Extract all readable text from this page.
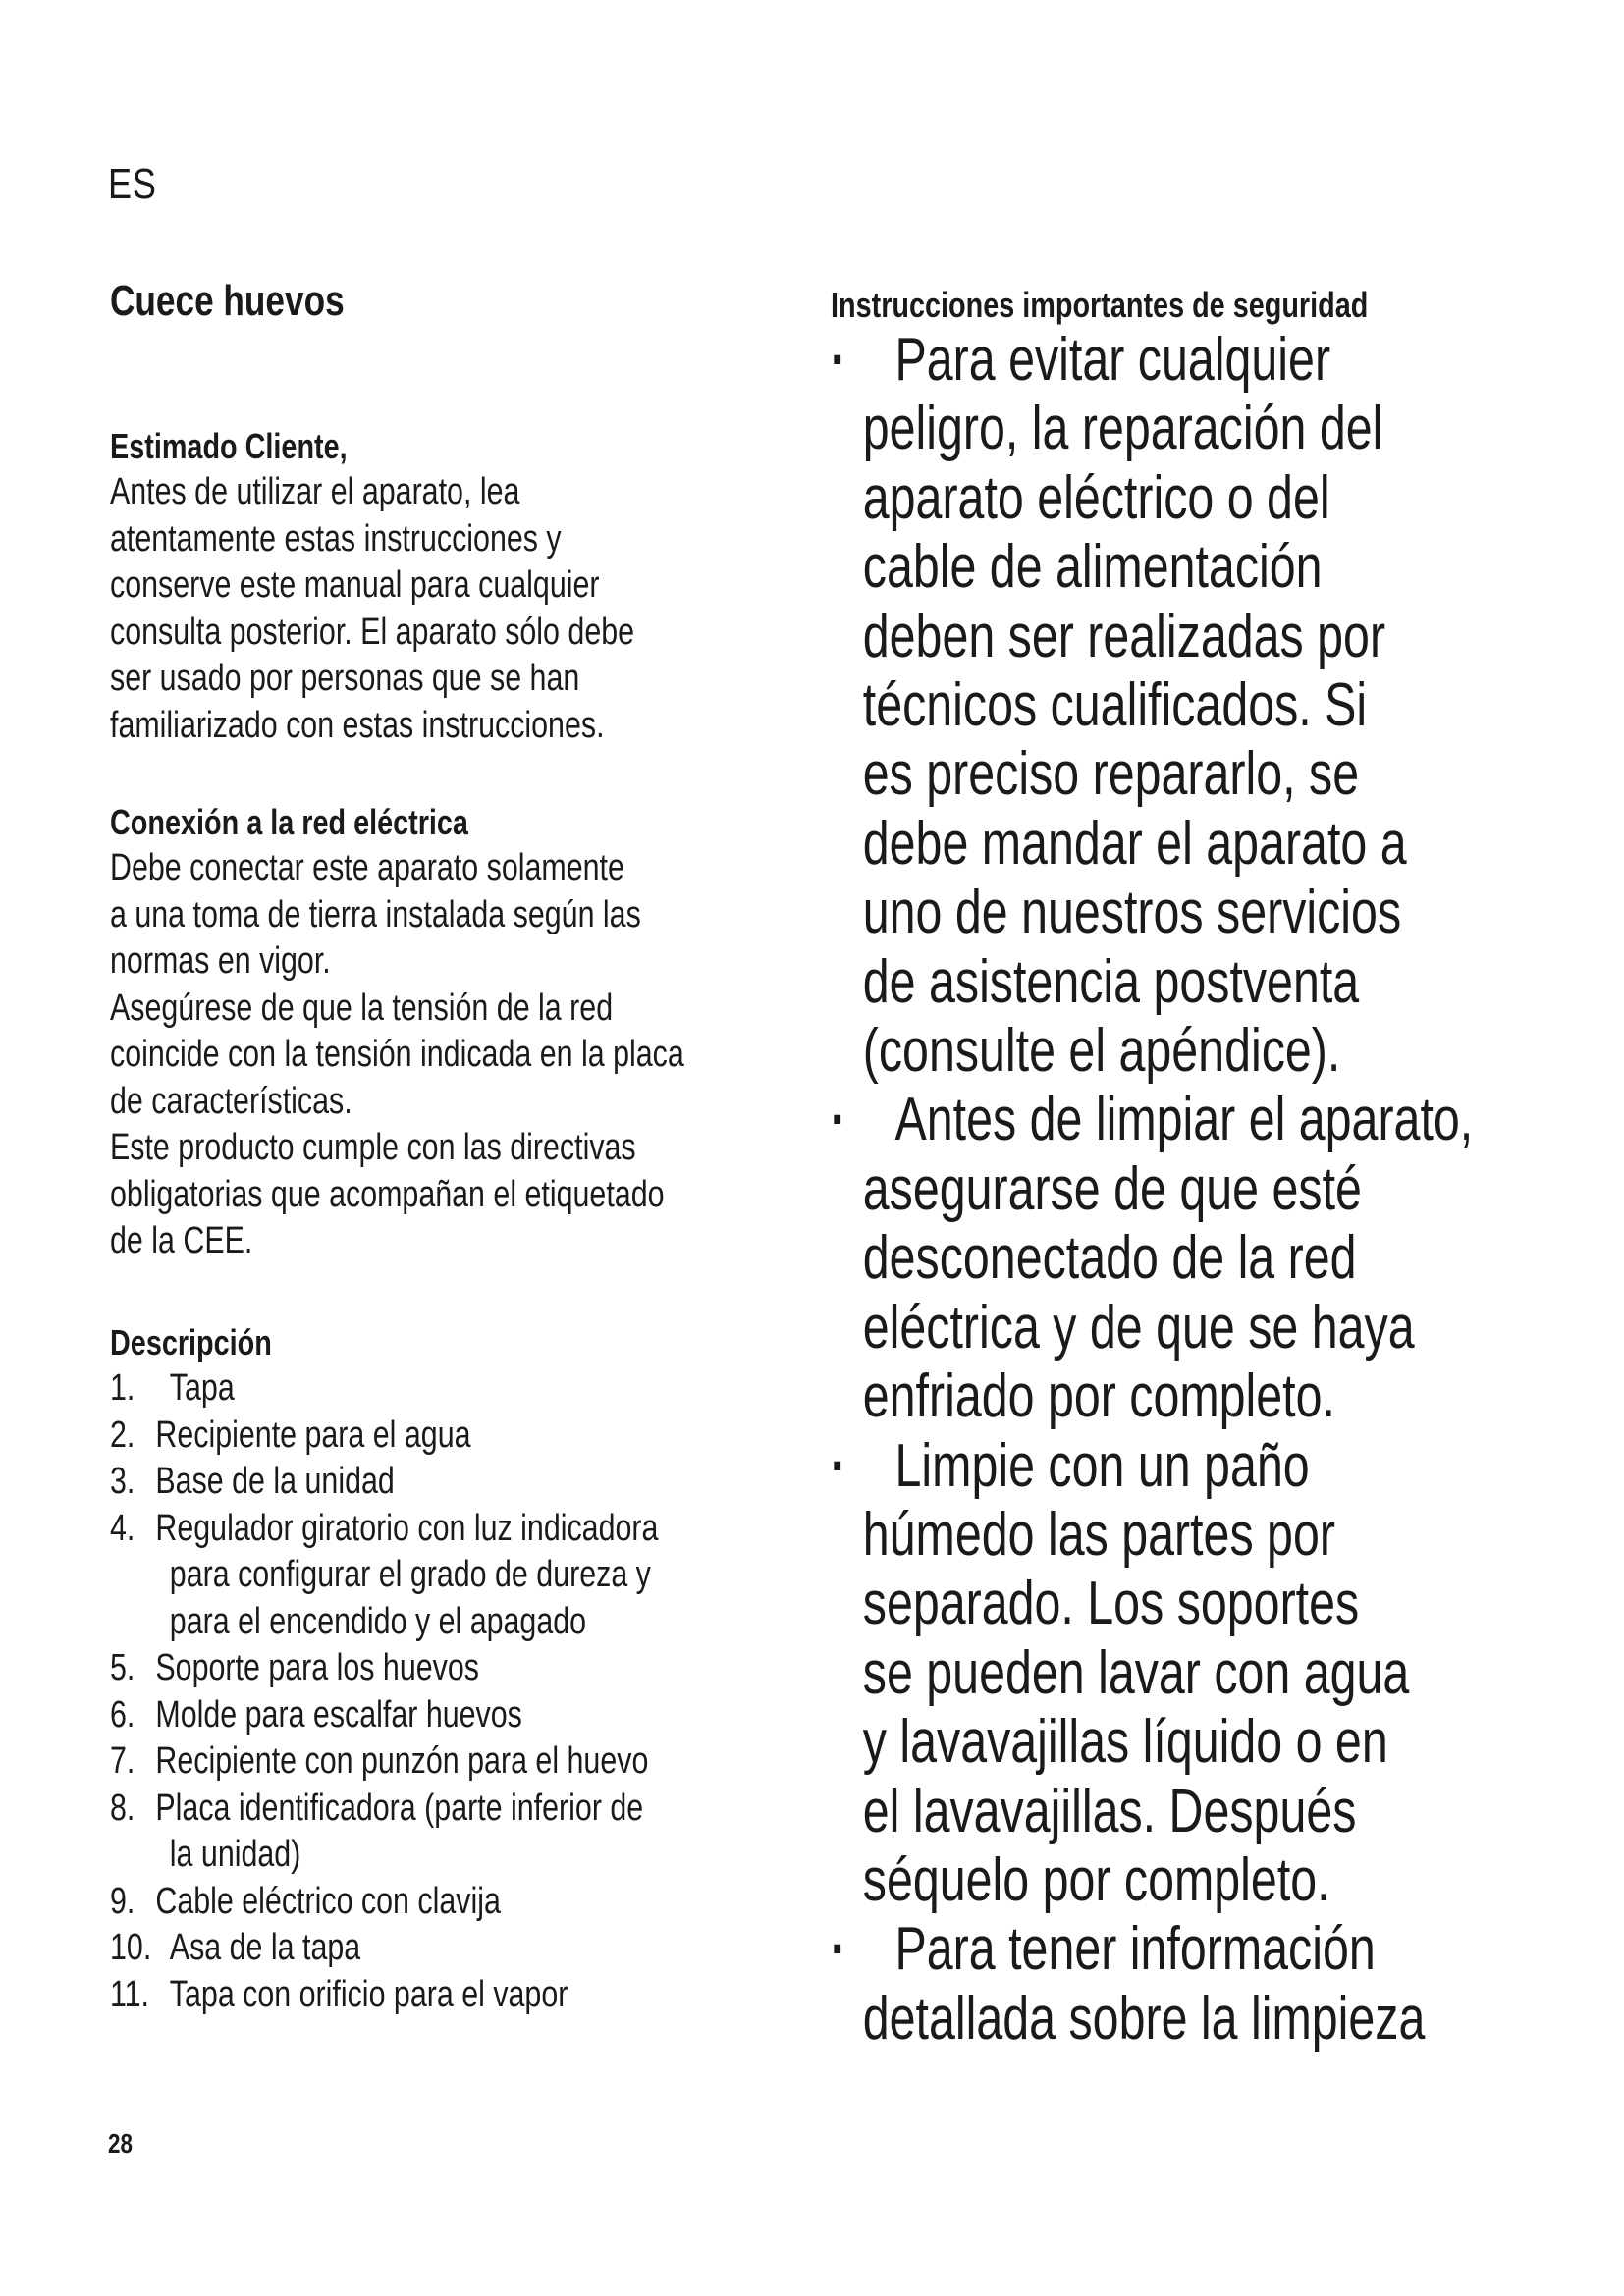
ES
Cuece huevos
Estimado Cliente,
Antes de utilizar el aparato, lea
atentamente estas instrucciones y
conserve este manual para cualquier
consulta posterior. El aparato sólo debe
ser usado por personas que se han
familiarizado con estas instrucciones.
Conexión a la red eléctrica
Debe conectar este aparato solamente
a una toma de tierra instalada según las
normas en vigor.
Asegúrese de que la tensión de la red
coincide con la tensión indicada en la placa
de características.
Este producto cumple con las directivas
obligatorias que acompañan el etiquetado
de la CEE.
Descripción
1. Tapa
2. Recipiente para el agua
3. Base de la unidad
4. Regulador giratorio con luz indicadora
para configurar el grado de dureza y
para el encendido y el apagado
5. Soporte para los huevos
6. Molde para escalfar huevos
7. Recipiente con punzón para el huevo
8. Placa identificadora (parte inferior de
la unidad)
9. Cable eléctrico con clavija
10. Asa de la tapa
11. Tapa con orificio para el vapor
28
Instrucciones importantes de seguridad
· Para evitar cualquier
peligro, la reparación del
aparato eléctrico o del
cable de alimentación
deben ser realizadas por
técnicos cualificados. Si
es preciso repararlo, se
debe mandar el aparato a
uno de nuestros servicios
de asistencia postventa
(consulte el apéndice).
· Antes de limpiar el aparato,
asegurarse de que esté
desconectado de la red
eléctrica y de que se haya
enfriado por completo.
· Limpie con un paño
húmedo las partes por
separado. Los soportes
se pueden lavar con agua
y lavavajillas líquido o en
el lavavajillas. Después
séquelo por completo.
· Para tener información
detallada sobre la limpieza
